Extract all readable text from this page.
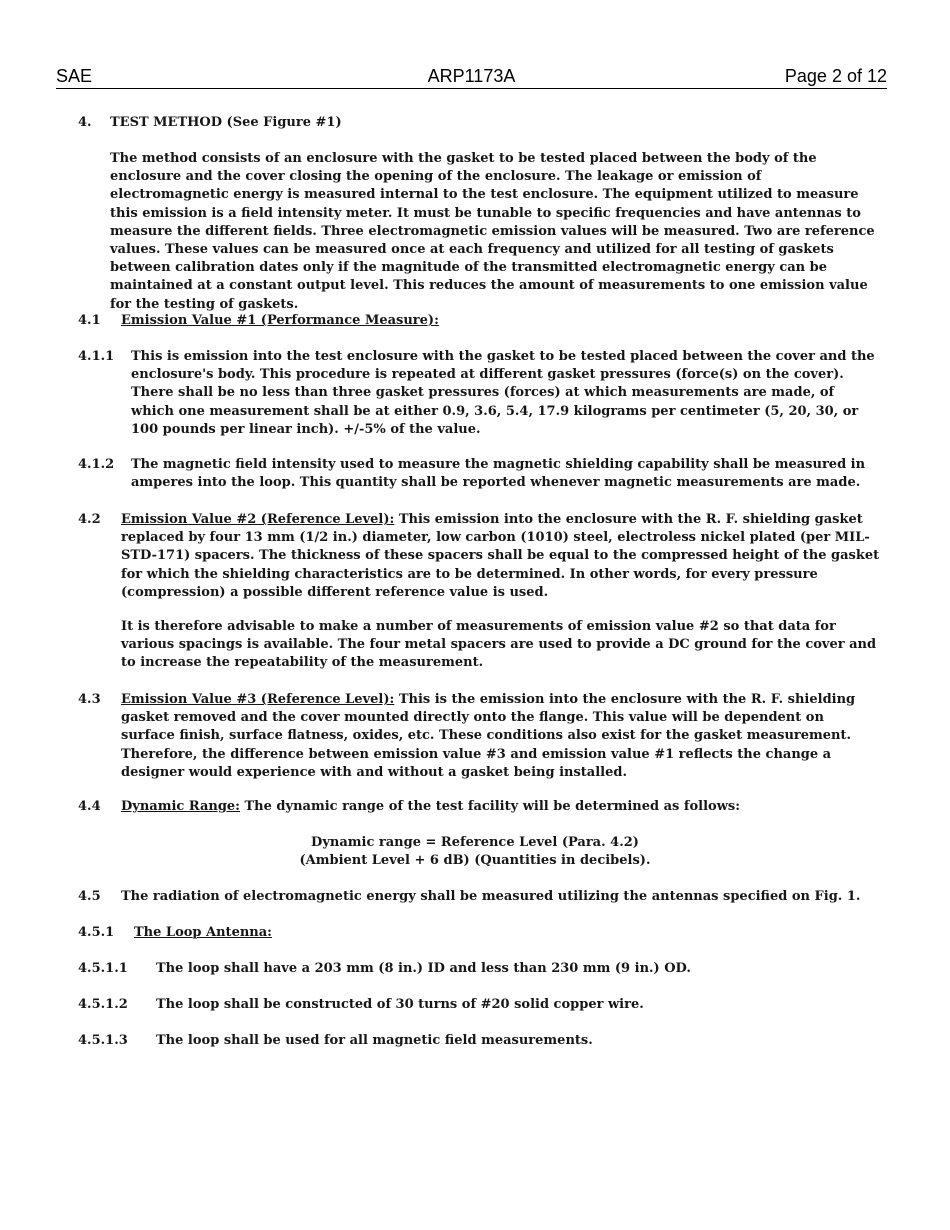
SAE	ARP1173A	Page 2 of 12
4. TEST METHOD (See Figure #1)
The method consists of an enclosure with the gasket to be tested placed between the body of the enclosure and the cover closing the opening of the enclosure. The leakage or emission of electromagnetic energy is measured internal to the test enclosure. The equipment utilized to measure this emission is a field intensity meter. It must be tunable to specific frequencies and have antennas to measure the different fields. Three electromagnetic emission values will be measured. Two are reference values. These values can be measured once at each frequency and utilized for all testing of gaskets between calibration dates only if the magnitude of the transmitted electromagnetic energy can be maintained at a constant output level. This reduces the amount of measurements to one emission value for the testing of gaskets.
4.1 Emission Value #1 (Performance Measure):
4.1.1	This is emission into the test enclosure with the gasket to be tested placed between the cover and the enclosure's body. This procedure is repeated at different gasket pressures (force(s) on the cover). There shall be no less than three gasket pressures (forces) at which measurements are made, of which one measurement shall be at either 0.9, 3.6, 5.4, 17.9 kilograms per centimeter (5, 20, 30, or 100 pounds per linear inch). +/-5% of the value.
4.1.2	The magnetic field intensity used to measure the magnetic shielding capability shall be measured in amperes into the loop. This quantity shall be reported whenever magnetic measurements are made.
4.2	Emission Value #2 (Reference Level): This emission into the enclosure with the R. F. shielding gasket replaced by four 13 mm (1/2 in.) diameter, low carbon (1010) steel, electroless nickel plated (per MIL-STD-171) spacers. The thickness of these spacers shall be equal to the compressed height of the gasket for which the shielding characteristics are to be determined. In other words, for every pressure (compression) a possible different reference value is used.
It is therefore advisable to make a number of measurements of emission value #2 so that data for various spacings is available. The four metal spacers are used to provide a DC ground for the cover and to increase the repeatability of the measurement.
4.3	Emission Value #3 (Reference Level): This is the emission into the enclosure with the R. F. shielding gasket removed and the cover mounted directly onto the flange. This value will be dependent on surface finish, surface flatness, oxides, etc. These conditions also exist for the gasket measurement. Therefore, the difference between emission value #3 and emission value #1 reflects the change a designer would experience with and without a gasket being installed.
4.4	Dynamic Range: The dynamic range of the test facility will be determined as follows:
Dynamic range = Reference Level (Para. 4.2)
(Ambient Level + 6 dB) (Quantities in decibels).
4.5	The radiation of electromagnetic energy shall be measured utilizing the antennas specified on Fig. 1.
4.5.1 The Loop Antenna:
4.5.1.1 The loop shall have a 203 mm (8 in.) ID and less than 230 mm (9 in.) OD.
4.5.1.2 The loop shall be constructed of 30 turns of #20 solid copper wire.
4.5.1.3 The loop shall be used for all magnetic field measurements.
